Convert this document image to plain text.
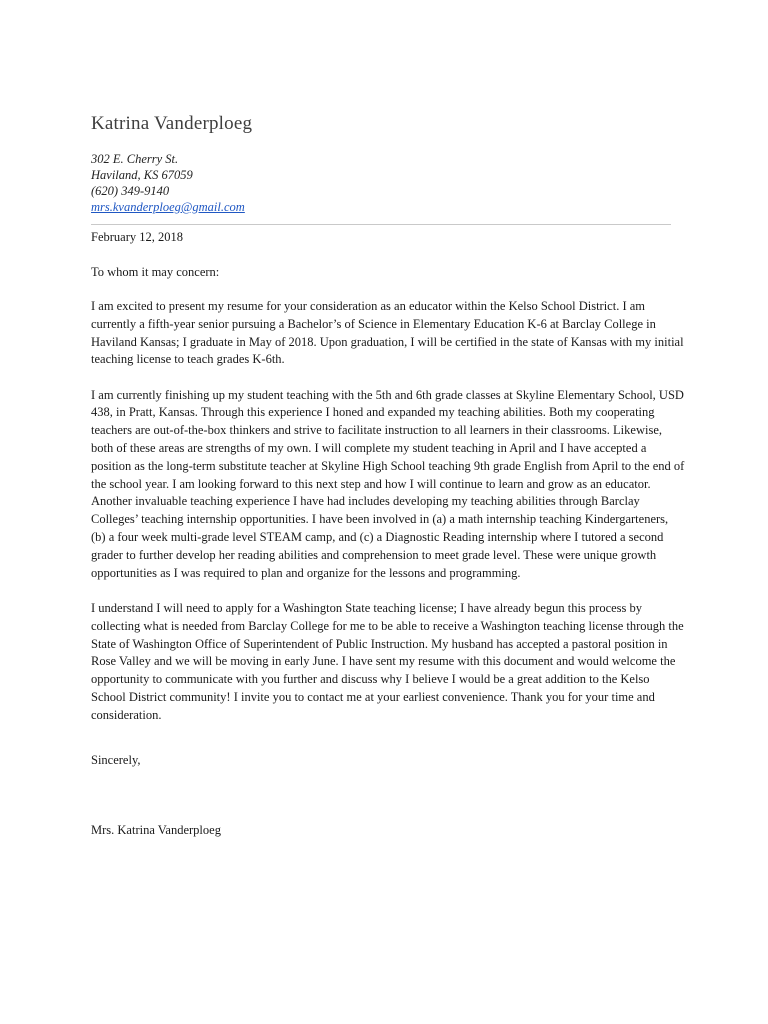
Katrina Vanderploeg
302 E. Cherry St.
Haviland, KS 67059
(620) 349-9140
mrs.kvanderploeg@gmail.com
February 12, 2018
To whom it may concern:

I am excited to present my resume for your consideration as an educator within the Kelso School District. I am currently a fifth-year senior pursuing a Bachelor’s of Science in Elementary Education K-6 at Barclay College in Haviland Kansas; I graduate in May of 2018. Upon graduation, I will be certified in the state of Kansas with my initial teaching license to teach grades K-6th.

I am currently finishing up my student teaching with the 5th and 6th grade classes at Skyline Elementary School, USD 438, in Pratt, Kansas. Through this experience I honed and expanded my teaching abilities. Both my cooperating teachers are out-of-the-box thinkers and strive to facilitate instruction to all learners in their classrooms. Likewise, both of these areas are strengths of my own. I will complete my student teaching in April and I have accepted a position as the long-term substitute teacher at Skyline High School teaching 9th grade English from April to the end of the school year. I am looking forward to this next step and how I will continue to learn and grow as an educator. Another invaluable teaching experience I have had includes developing my teaching abilities through Barclay Colleges’ teaching internship opportunities. I have been involved in (a) a math internship teaching Kindergarteners, (b) a four week multi-grade level STEAM camp, and (c) a Diagnostic Reading internship where I tutored a second grader to further develop her reading abilities and comprehension to meet grade level. These were unique growth opportunities as I was required to plan and organize for the lessons and programming.

I understand I will need to apply for a Washington State teaching license; I have already begun this process by collecting what is needed from Barclay College for me to be able to receive a Washington teaching license through the State of Washington Office of Superintendent of Public Instruction. My husband has accepted a pastoral position in Rose Valley and we will be moving in early June. I have sent my resume with this document and would welcome the opportunity to communicate with you further and discuss why I believe I would be a great addition to the Kelso School District community! I invite you to contact me at your earliest convenience. Thank you for your time and consideration.

Sincerely,
Mrs. Katrina Vanderploeg
